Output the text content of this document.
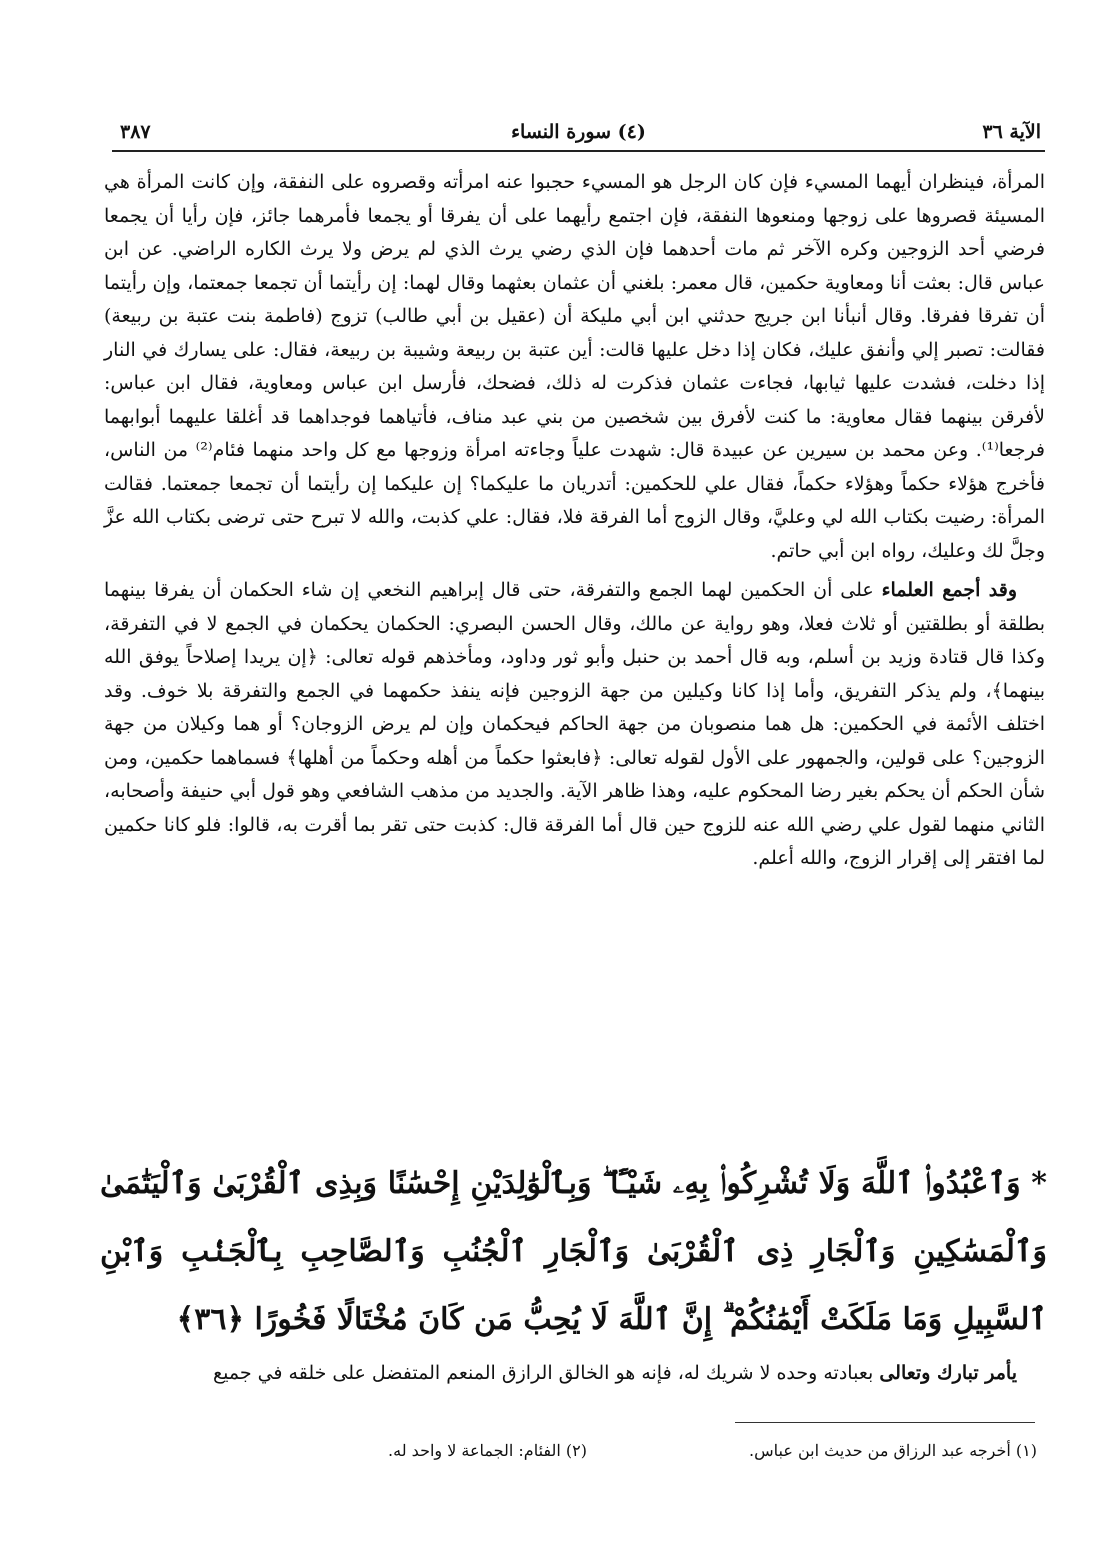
الآية ٣٦
(٤) سورة النساء
٣٨٧

المرأة، فينظران أيهما المسيء فإن كان الرجل هو المسيء حجبوا عنه امرأته وقصروه على النفقة، وإن كانت المرأة هي المسيئة قصروها على زوجها ومنعوها النفقة، فإن اجتمع رأيهما على أن يفرقا أو يجمعا فأمرهما جائز، فإن رأيا أن يجمعا فرضي أحد الزوجين وكره الآخر ثم مات أحدهما فإن الذي رضي يرث الذي لم يرض ولا يرث الكاره الراضي. عن ابن عباس قال: بعثت أنا ومعاوية حكمين، قال معمر: بلغني أن عثمان بعثهما وقال لهما: إن رأيتما أن تجمعا جمعتما، وإن رأيتما أن تفرقا ففرقا. وقال أنبأنا ابن جريج حدثني ابن أبي مليكة أن (عقيل بن أبي طالب) تزوج (فاطمة بنت عتبة بن ربيعة) فقالت: تصبر إلي وأنفق عليك، فكان إذا دخل عليها قالت: أين عتبة بن ربيعة وشيبة بن ربيعة، فقال: على يسارك في النار إذا دخلت، فشدت عليها ثيابها، فجاءت عثمان فذكرت له ذلك، فضحك، فأرسل ابن عباس ومعاوية، فقال ابن عباس: لأفرقن بينهما فقال معاوية: ما كنت لأفرق بين شخصين من بني عبد مناف، فأتياهما فوجداهما قد أغلقا عليهما أبوابهما فرجعا⁽¹⁾. وعن محمد بن سيرين عن عبيدة قال: شهدت علياً وجاءته امرأة وزوجها مع كل واحد منهما فئام⁽²⁾ من الناس، فأخرج هؤلاء حكماً وهؤلاء حكماً، فقال علي للحكمين: أتدريان ما عليكما؟ إن عليكما إن رأيتما أن تجمعا جمعتما. فقالت المرأة: رضيت بكتاب الله لي وعليَّ، وقال الزوج أما الفرقة فلا، فقال: علي كذبت، والله لا تبرح حتى ترضى بكتاب الله عزَّ وجلَّ لك وعليك، رواه ابن أبي حاتم.

وقد أجمع العلماء على أن الحكمين لهما الجمع والتفرقة، حتى قال إبراهيم النخعي إن شاء الحكمان أن يفرقا بينهما بطلقة أو بطلقتين أو ثلاث فعلا، وهو رواية عن مالك، وقال الحسن البصري: الحكمان يحكمان في الجمع لا في التفرقة، وكذا قال قتادة وزيد بن أسلم، وبه قال أحمد بن حنبل وأبو ثور وداود، ومأخذهم قوله تعالى: ﴿إن يريدا إصلاحاً يوفق الله بينهما﴾، ولم يذكر التفريق، وأما إذا كانا وكيلين من جهة الزوجين فإنه ينفذ حكمهما في الجمع والتفرقة بلا خوف. وقد اختلف الأئمة في الحكمين: هل هما منصوبان من جهة الحاكم فيحكمان وإن لم يرض الزوجان؟ أو هما وكيلان من جهة الزوجين؟ على قولين، والجمهور على الأول لقوله تعالى: ﴿فابعثوا حكماً من أهله وحكماً من أهلها﴾ فسماهما حكمين، ومن شأن الحكم أن يحكم بغير رضا المحكوم عليه، وهذا ظاهر الآية. والجديد من مذهب الشافعي وهو قول أبي حنيفة وأصحابه، الثاني منهما لقول علي رضي الله عنه للزوج حين قال أما الفرقة قال: كذبت حتى تقر بما أقرت به، قالوا: فلو كانا حكمين لما افتقر إلى إقرار الزوج، والله أعلم.

* وَٱعْبُدُوا۟ ٱللَّهَ وَلَا تُشْرِكُوا۟ بِهِۦ شَيْـًٔا ۖ وَبِٱلْوَٰلِدَيْنِ إِحْسَٰنًا وَبِذِى ٱلْقُرْبَىٰ وَٱلْيَتَٰمَىٰ وَٱلْمَسَٰكِينِ وَٱلْجَارِ ذِى ٱلْقُرْبَىٰ وَٱلْجَارِ ٱلْجُنُبِ وَٱلصَّاحِبِ بِٱلْجَنۢبِ وَٱبْنِ ٱلسَّبِيلِ وَمَا مَلَكَتْ أَيْمَٰنُكُمْ ۗ إِنَّ ٱللَّهَ لَا يُحِبُّ مَن كَانَ مُخْتَالًا فَخُورًا ﴿٣٦﴾
يأمر تبارك وتعالى بعبادته وحده لا شريك له، فإنه هو الخالق الرازق المنعم المتفضل على خلقه في جميع
(١) أخرجه عبد الرزاق من حديث ابن عباس.
(٢) الفئام: الجماعة لا واحد له.
